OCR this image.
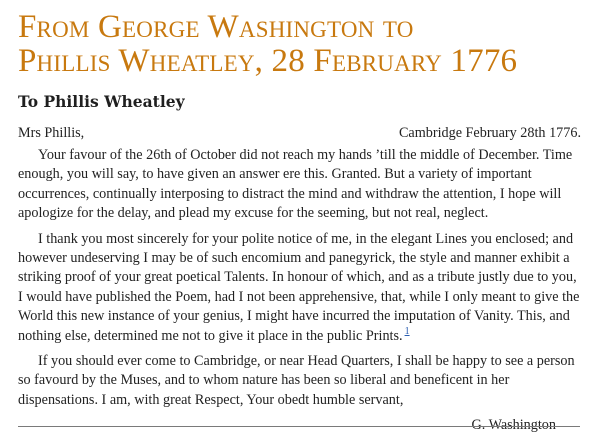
From George Washington to
Phillis Wheatley, 28 February 1776
To Phillis Wheatley
Mrs Phillis,	Cambridge February 28th 1776.

Your favour of the 26th of October did not reach my hands ’till the middle of December. Time enough, you will say, to have given an answer ere this. Granted. But a variety of important occurrences, continually interposing to distract the mind and withdraw the attention, I hope will apologize for the delay, and plead my excuse for the seeming, but not real, neglect.

I thank you most sincerely for your polite notice of me, in the elegant Lines you enclosed; and however undeserving I may be of such encomium and panegyrick, the style and manner exhibit a striking proof of your great poetical Talents. In honour of which, and as a tribute justly due to you, I would have published the Poem, had I not been apprehensive, that, while I only meant to give the World this new instance of your genius, I might have incurred the imputation of Vanity. This, and nothing else, determined me not to give it place in the public Prints. $^1$

If you should ever come to Cambridge, or near Head Quarters, I shall be happy to see a person so favourd by the Muses, and to whom nature has been so liberal and beneficent in her dispensations. I am, with great Respect, Your obedt humble servant,

G. Washington
